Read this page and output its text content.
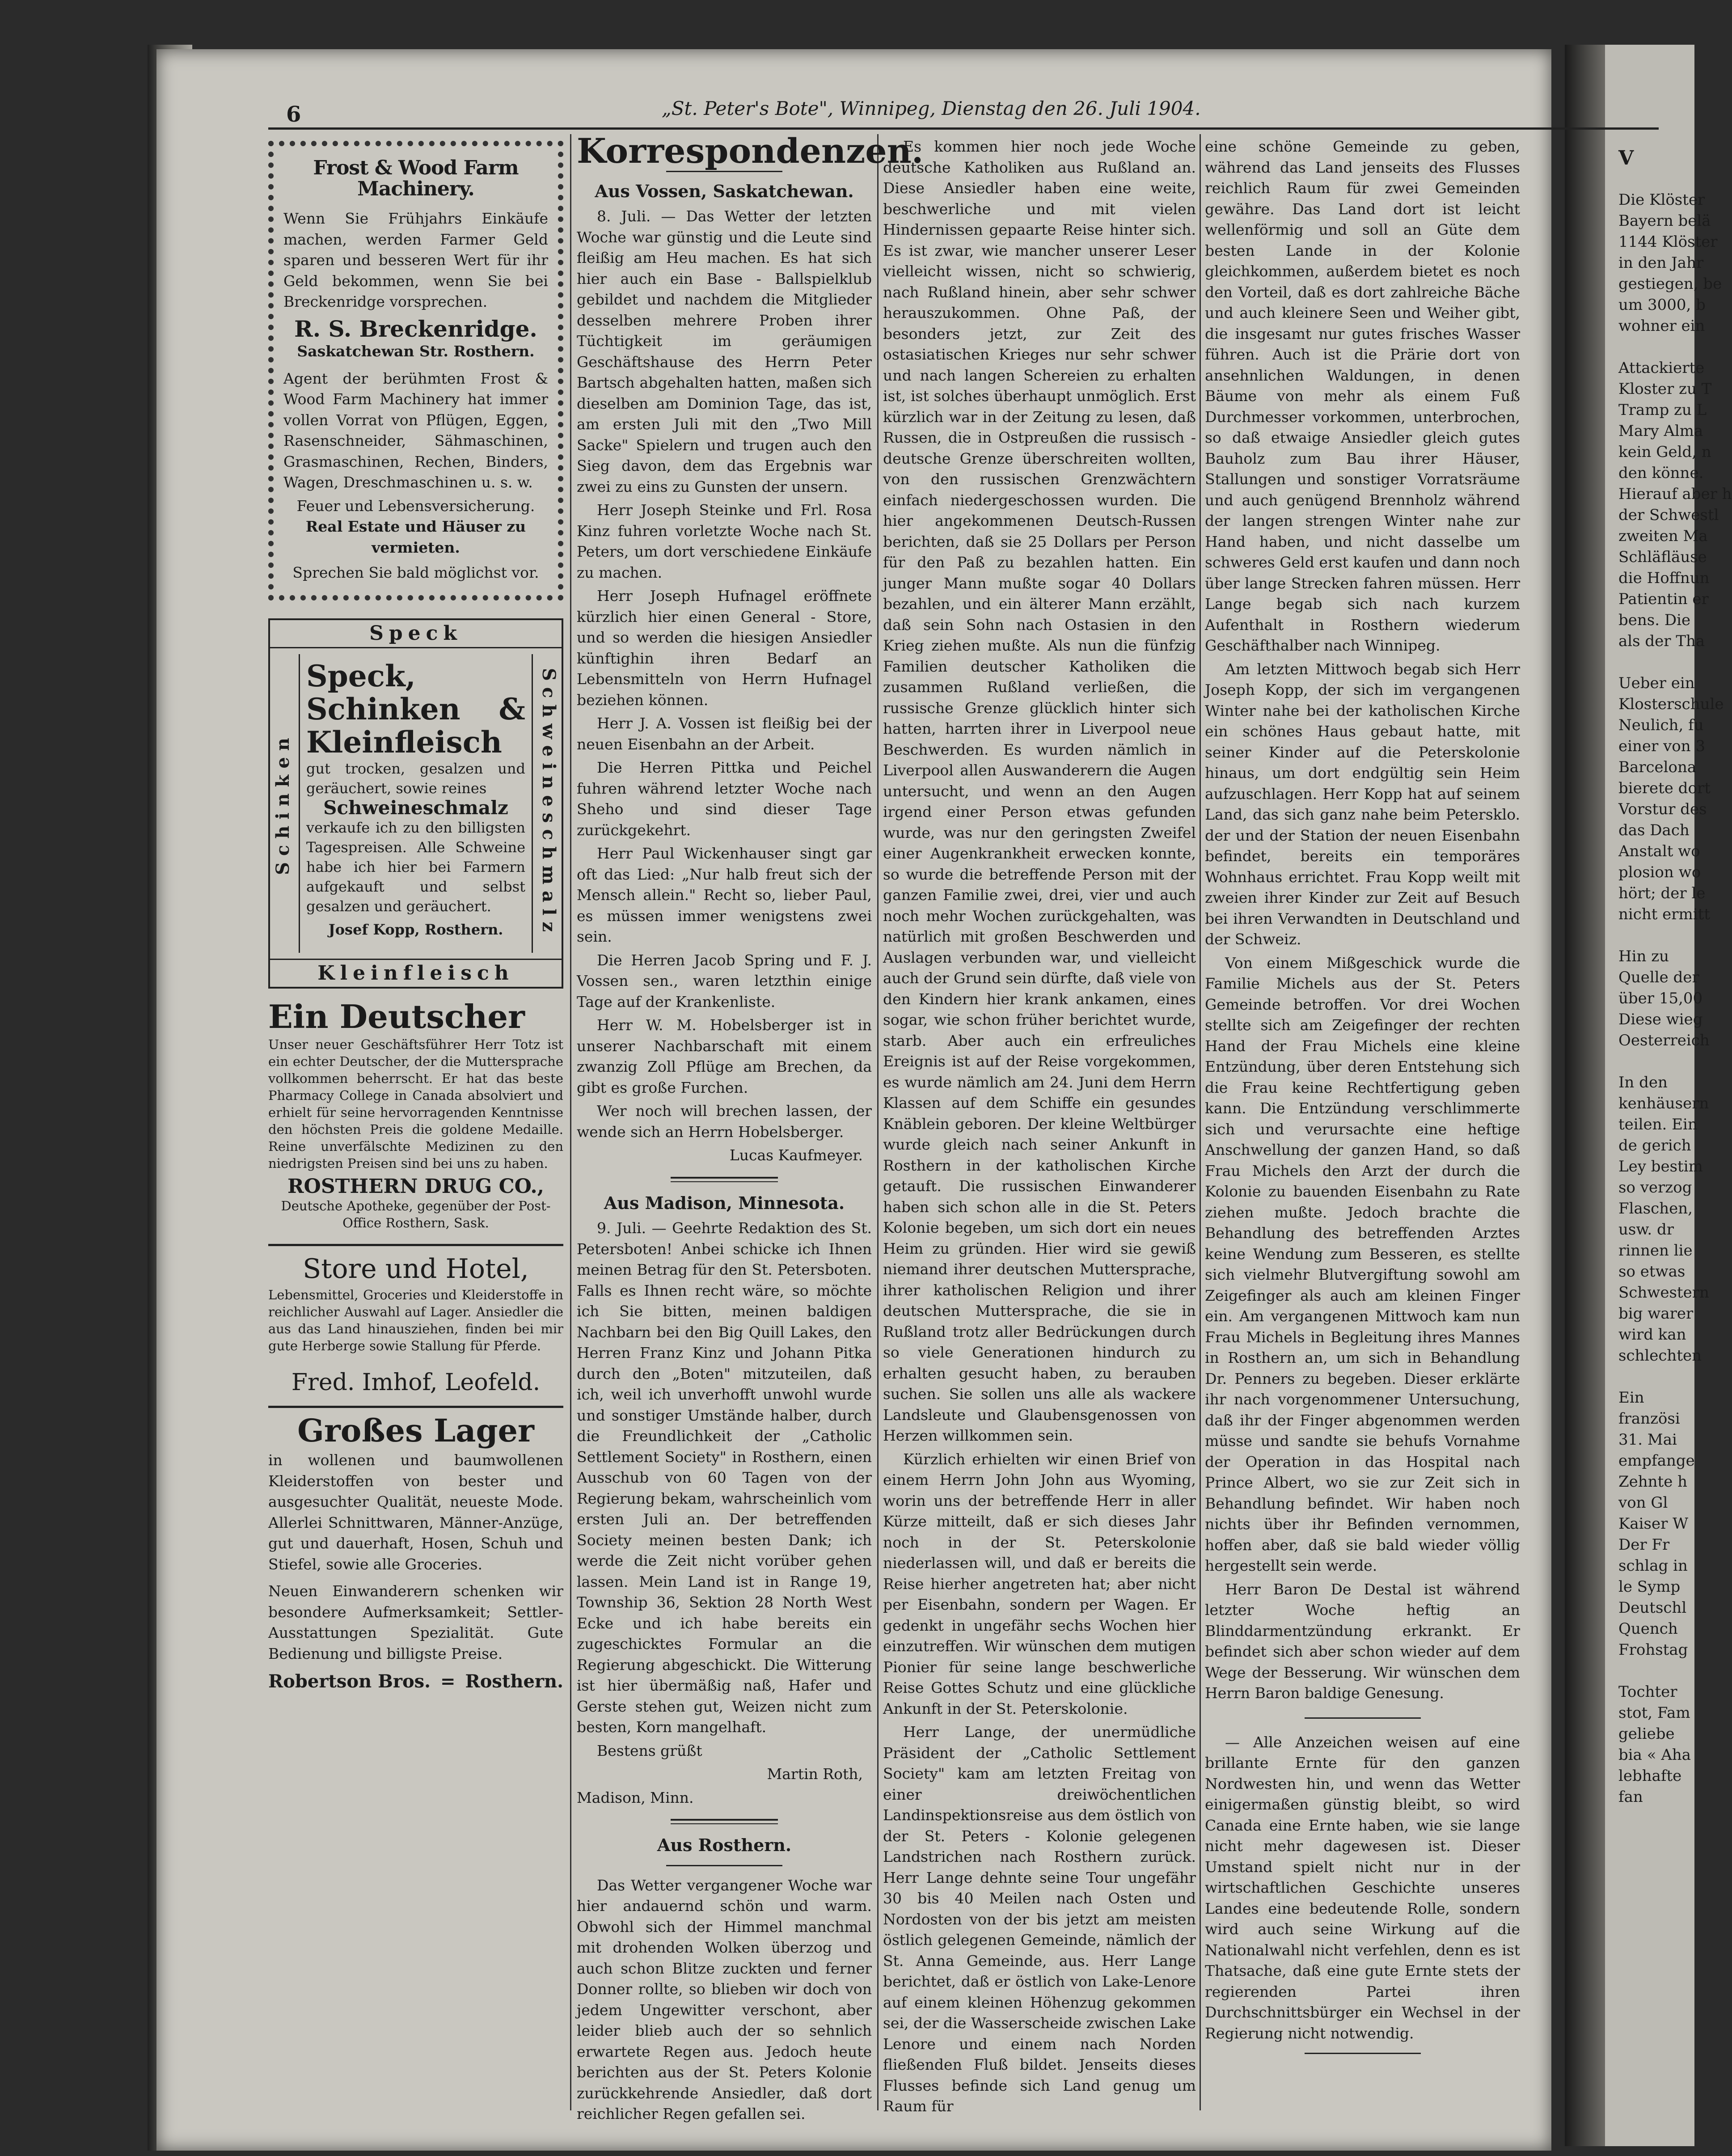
V

Die Klöster
Bayern belä
1144 Klöster
in den Jahr
gestiegen, be
um 3000, b
wohner ein

Attackierte
Kloster zu T
Tramp zu L
Mary Alma
kein Geld, n
den könne.
Hierauf aber h
der Schwestl
zweiten Ma
Schläfläuse
die Hoffnun
Patientin er
bens. Die
als der Tha

Ueber ein
Klosterschule
Neulich, fu
einer von 3
Barcelona
bierete dort
Vorstur des
das Dach
Anstalt wo
plosion wo
hört; der le
nicht ermitt

Hin zu
Quelle der
über 15,00
Diese wieg
Oesterreich

In den
kenhäusern
teilen. Ein
de gerich
Ley bestim
so verzog
Flaschen,
usw. dr
rinnen lie
so etwas
Schwestern
big warer
wird kan
schlechten

Ein
französi
31. Mai
empfange
Zehnte h
von Gl
Kaiser W
Der Fr
schlag in
le Symp
Deutschl
Quench
Frohstag

Tochter
stot, Fam
geliebe
bia « Aha
lebhafte
fan
6	„St. Peter's Bote", Winnipeg, Dienstag den 26. Juli 1904.
Frost & Wood Farm Machinery.

Wenn Sie Frühjahrs Einkäufe machen, werden Farmer Geld sparen und besseren Wert für ihr Geld bekommen, wenn Sie bei Breckenridge vorsprechen.

R. S. Breckenridge.
Saskatchewan Str. Rosthern.

Agent der berühmten Frost & Wood Farm Machinery hat immer vollen Vorrat von Pflügen, Eggen, Rasenschneider, Sähmaschinen, Grasmaschinen, Rechen, Binders, Wagen, Dreschmaschinen u. s. w.

Feuer und Lebensversicherung.
Real Estate und Häuser zu vermieten.
Sprechen Sie bald möglichst vor.
Speck
Schinken	Schweineschmalz
Speck, Schinken & Kleinfleisch
gut trocken, gesalzen und geräuchert, sowie reines
Schweineschmalz
verkaufe ich zu den billigsten Tagespreisen. Alle Schweine habe ich hier bei Farmern aufgekauft und selbst gesalzen und geräuchert.
Josef Kopp, Rosthern.
Kleinfleisch
Ein Deutscher

Unser neuer Geschäftsführer Herr Totz ist ein echter Deutscher, der die Muttersprache vollkommen beherrscht. Er hat das beste Pharmacy College in Canada absolviert und erhielt für seine hervorragenden Kenntnisse den höchsten Preis die goldene Medaille. Reine unverfälschte Medizinen zu den niedrigsten Preisen sind bei uns zu haben.

ROSTHERN DRUG CO.,
Deutsche Apotheke, gegenüber der Post-Office Rosthern, Sask.
Store und Hotel,

Lebensmittel, Groceries und Kleiderstoffe in reichlicher Auswahl auf Lager. Ansiedler die aus das Land hinausziehen, finden bei mir gute Herberge sowie Stallung für Pferde.

Fred. Imhof, Leofeld.
Großes Lager

in wollenen und baumwollenen Kleiderstoffen von bester und ausgesuchter Qualität, neueste Mode. Allerlei Schnittwaren, Männer-Anzüge, gut und dauerhaft, Hosen, Schuh und Stiefel, sowie alle Groceries.

Neuen Einwanderern schenken wir besondere Aufmerksamkeit; Settler-Ausstattungen Spezialität. Gute Bedienung und billigste Preise.

Robertson Bros. = Rosthern.
Korrespondenzen.
Aus Vossen, Saskatchewan.

8. Juli. — Das Wetter der letzten Woche war günstig und die Leute sind fleißig am Heu machen. Es hat sich hier auch ein Base - Ballspielklub gebildet und nachdem die Mitglieder desselben mehrere Proben ihrer Tüchtigkeit im geräumigen Geschäftshause des Herrn Peter Bartsch abgehalten hatten, maßen sich dieselben am Dominion Tage, das ist, am ersten Juli mit den „Two Mill Sacke" Spielern und trugen auch den Sieg davon, dem das Ergebnis war zwei zu eins zu Gunsten der unsern.

Herr Joseph Steinke und Frl. Rosa Kinz fuhren vorletzte Woche nach St. Peters, um dort verschiedene Einkäufe zu machen.

Herr Joseph Hufnagel eröffnete kürzlich hier einen General - Store, und so werden die hiesigen Ansiedler künftighin ihren Bedarf an Lebensmitteln von Herrn Hufnagel beziehen können.

Herr J. A. Vossen ist fleißig bei der neuen Eisenbahn an der Arbeit.

Die Herren Pittka und Peichel fuhren während letzter Woche nach Sheho und sind dieser Tage zurückgekehrt.

Herr Paul Wickenhauser singt gar oft das Lied: „Nur halb freut sich der Mensch allein." Recht so, lieber Paul, es müssen immer wenigstens zwei sein.

Die Herren Jacob Spring und F. J. Vossen sen., waren letzthin einige Tage auf der Krankenliste.

Herr W. M. Hobelsberger ist in unserer Nachbarschaft mit einem zwanzig Zoll Pflüge am Brechen, da gibt es große Furchen.

Wer noch will brechen lassen, der wende sich an Herrn Hobelsberger.

Lucas Kaufmeyer.
Aus Madison, Minnesota.

9. Juli. — Geehrte Redaktion des St. Petersboten! Anbei schicke ich Ihnen meinen Betrag für den St. Petersboten. Falls es Ihnen recht wäre, so möchte ich Sie bitten, meinen baldigen Nachbarn bei den Big Quill Lakes, den Herren Franz Kinz und Johann Pitka durch den „Boten" mitzuteilen, daß ich, weil ich unverhofft unwohl wurde und sonstiger Umstände halber, durch die Freundlichkeit der „Catholic Settlement Society" in Rosthern, einen Ausschub von 60 Tagen von der Regierung bekam, wahrscheinlich vom ersten Juli an. Der betreffenden Society meinen besten Dank; ich werde die Zeit nicht vorüber gehen lassen. Mein Land ist in Range 19, Township 36, Sektion 28 North West Ecke und ich habe bereits ein zugeschicktes Formular an die Regierung abgeschickt. Die Witterung ist hier übermäßig naß, Hafer und Gerste stehen gut, Weizen nicht zum besten, Korn mangelhaft.

Bestens grüßt

Martin Roth,

Madison, Minn.

Aus Rosthern.

Das Wetter vergangener Woche war hier andauernd schön und warm. Obwohl sich der Himmel manchmal mit drohenden Wolken überzog und auch schon Blitze zuckten und ferner Donner rollte, so blieben wir doch von jedem Ungewitter verschont, aber leider blieb auch der so sehnlich erwartete Regen aus. Jedoch heute berichten aus der St. Peters Kolonie zurückkehrende Ansiedler, daß dort reichlicher Regen gefallen sei.

Es kommen hier noch jede Woche deutsche Katholiken aus Rußland an. Diese Ansiedler haben eine weite, beschwerliche und mit vielen Hindernissen gepaarte Reise hinter sich. Es ist zwar, wie mancher unserer Leser vielleicht wissen, nicht so schwierig, nach Rußland hinein, aber sehr schwer herauszukommen. Ohne Paß, der besonders jetzt, zur Zeit des ostasiatischen Krieges nur sehr schwer und nach langen Schereien zu erhalten ist, ist solches überhaupt unmöglich. Erst kürzlich war in der Zeitung zu lesen, daß Russen, die in Ostpreußen die russisch - deutsche Grenze überschreiten wollten, von den russischen Grenzwächtern einfach niedergeschossen wurden. Die hier angekommenen Deutsch-Russen berichten, daß sie 25 Dollars per Person für den Paß zu bezahlen hatten. Ein junger Mann mußte sogar 40 Dollars bezahlen, und ein älterer Mann erzählt, daß sein Sohn nach Ostasien in den Krieg ziehen mußte. Als nun die fünfzig Familien deutscher Katholiken die zusammen Rußland verließen, die russische Grenze glücklich hinter sich hatten, harrten ihrer in Liverpool neue Beschwerden. Es wurden nämlich in Liverpool allen Auswanderern die Augen untersucht, und wenn an den Augen irgend einer Person etwas gefunden wurde, was nur den geringsten Zweifel einer Augenkrankheit erwecken konnte, so wurde die betreffende Person mit der ganzen Familie zwei, drei, vier und auch noch mehr Wochen zurückgehalten, was natürlich mit großen Beschwerden und Auslagen verbunden war, und vielleicht auch der Grund sein dürfte, daß viele von den Kindern hier krank ankamen, eines sogar, wie schon früher berichtet wurde, starb. Aber auch ein erfreuliches Ereignis ist auf der Reise vorgekommen, es wurde nämlich am 24. Juni dem Herrn Klassen auf dem Schiffe ein gesundes Knäblein geboren. Der kleine Weltbürger wurde gleich nach seiner Ankunft in Rosthern in der katholischen Kirche getauft. Die russischen Einwanderer haben sich schon alle in die St. Peters Kolonie begeben, um sich dort ein neues Heim zu gründen. Hier wird sie gewiß niemand ihrer deutschen Muttersprache, ihrer katholischen Religion und ihrer deutschen Muttersprache, die sie in Rußland trotz aller Bedrückungen durch so viele Generationen hindurch zu erhalten gesucht haben, zu berauben suchen. Sie sollen uns alle als wackere Landsleute und Glaubensgenossen von Herzen willkommen sein.

Kürzlich erhielten wir einen Brief von einem Herrn John John aus Wyoming, worin uns der betreffende Herr in aller Kürze mitteilt, daß er sich dieses Jahr noch in der St. Peterskolonie niederlassen will, und daß er bereits die Reise hierher angetreten hat; aber nicht per Eisenbahn, sondern per Wagen. Er gedenkt in ungefähr sechs Wochen hier einzutreffen. Wir wünschen dem mutigen Pionier für seine lange beschwerliche Reise Gottes Schutz und eine glückliche Ankunft in der St. Peterskolonie.

Herr Lange, der unermüdliche Präsident der „Catholic Settlement Society" kam am letzten Freitag von einer dreiwöchentlichen Landinspektionsreise aus dem östlich von der St. Peters - Kolonie gelegenen Landstrichen nach Rosthern zurück. Herr Lange dehnte seine Tour ungefähr 30 bis 40 Meilen nach Osten und Nordosten von der bis jetzt am meisten östlich gelegenen Gemeinde, nämlich der St. Anna Gemeinde, aus. Herr Lange berichtet, daß er östlich von Lake-Lenore auf einem kleinen Höhenzug gekommen sei, der die Wasserscheide zwischen Lake Lenore und einem nach Norden fließenden Fluß bildet. Jenseits dieses Flusses befinde sich Land genug um Raum für

eine schöne Gemeinde zu geben, während das Land jenseits des Flusses reichlich Raum für zwei Gemeinden gewähre. Das Land dort ist leicht wellenförmig und soll an Güte dem besten Lande in der Kolonie gleichkommen, außerdem bietet es noch den Vorteil, daß es dort zahlreiche Bäche und auch kleinere Seen und Weiher gibt, die insgesamt nur gutes frisches Wasser führen. Auch ist die Prärie dort von ansehnlichen Waldungen, in denen Bäume von mehr als einem Fuß Durchmesser vorkommen, unterbrochen, so daß etwaige Ansiedler gleich gutes Bauholz zum Bau ihrer Häuser, Stallungen und sonstiger Vorratsräume und auch genügend Brennholz während der langen strengen Winter nahe zur Hand haben, und nicht dasselbe um schweres Geld erst kaufen und dann noch über lange Strecken fahren müssen. Herr Lange begab sich nach kurzem Aufenthalt in Rosthern wiederum Geschäfthalber nach Winnipeg.

Am letzten Mittwoch begab sich Herr Joseph Kopp, der sich im vergangenen Winter nahe bei der katholischen Kirche ein schönes Haus gebaut hatte, mit seiner Kinder auf die Peterskolonie hinaus, um dort endgültig sein Heim aufzuschlagen. Herr Kopp hat auf seinem Land, das sich ganz nahe beim Petersklo. der und der Station der neuen Eisenbahn befindet, bereits ein temporäres Wohnhaus errichtet. Frau Kopp weilt mit zweien ihrer Kinder zur Zeit auf Besuch bei ihren Verwandten in Deutschland und der Schweiz.

Von einem Mißgeschick wurde die Familie Michels aus der St. Peters Gemeinde betroffen. Vor drei Wochen stellte sich am Zeigefinger der rechten Hand der Frau Michels eine kleine Entzündung, über deren Entstehung sich die Frau keine Rechtfertigung geben kann. Die Entzündung verschlimmerte sich und verursachte eine heftige Anschwellung der ganzen Hand, so daß Frau Michels den Arzt der durch die Kolonie zu bauenden Eisenbahn zu Rate ziehen mußte. Jedoch brachte die Behandlung des betreffenden Arztes keine Wendung zum Besseren, es stellte sich vielmehr Blutvergiftung sowohl am Zeigefinger als auch am kleinen Finger ein. Am vergangenen Mittwoch kam nun Frau Michels in Begleitung ihres Mannes in Rosthern an, um sich in Behandlung Dr. Penners zu begeben. Dieser erklärte ihr nach vorgenommener Untersuchung, daß ihr der Finger abgenommen werden müsse und sandte sie behufs Vornahme der Operation in das Hospital nach Prince Albert, wo sie zur Zeit sich in Behandlung befindet. Wir haben noch nichts über ihr Befinden vernommen, hoffen aber, daß sie bald wieder völlig hergestellt sein werde.

Herr Baron De Destal ist während letzter Woche heftig an Blinddarmentzündung erkrankt. Er befindet sich aber schon wieder auf dem Wege der Besserung. Wir wünschen dem Herrn Baron baldige Genesung.

— Alle Anzeichen weisen auf eine brillante Ernte für den ganzen Nordwesten hin, und wenn das Wetter einigermaßen günstig bleibt, so wird Canada eine Ernte haben, wie sie lange nicht mehr dagewesen ist. Dieser Umstand spielt nicht nur in der wirtschaftlichen Geschichte unseres Landes eine bedeutende Rolle, sondern wird auch seine Wirkung auf die Nationalwahl nicht verfehlen, denn es ist Thatsache, daß eine gute Ernte stets der regierenden Partei ihren Durchschnittsbürger ein Wechsel in der Regierung nicht notwendig.
